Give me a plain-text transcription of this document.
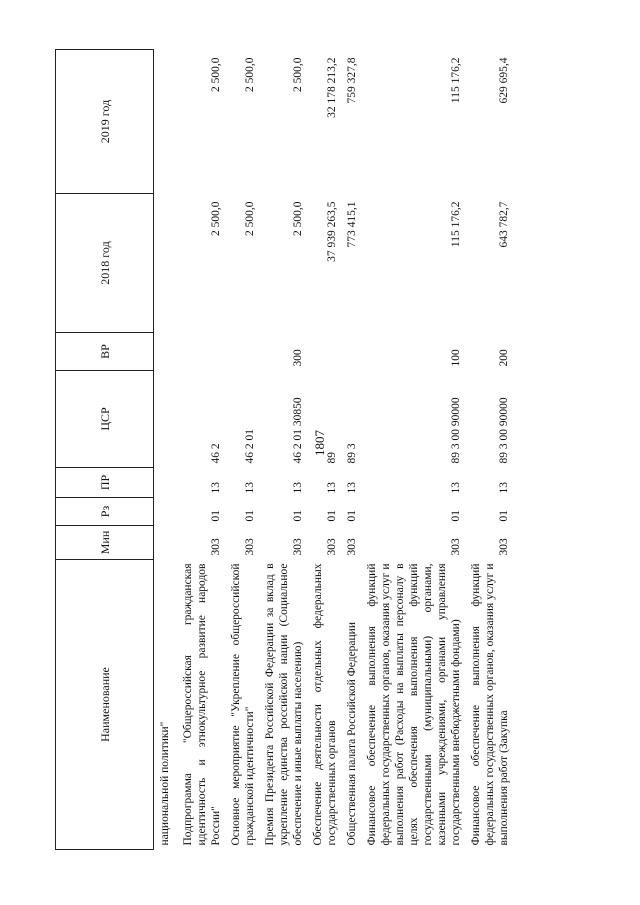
1807
Наименование	Мин	Рз	ПР	ЦСР	ВР	2018 год	2019 год
национальной политики"							
Подпрограмма "Общероссийская гражданская идентичность и этнокультурное развитие народов России"	303	01	13	46 2		2 500,0	2 500,0
Основное мероприятие "Укрепление общероссийской гражданской идентичности"	303	01	13	46 2 01		2 500,0	2 500,0
Премия Президента Российской Федерации за вклад в укрепление единства российской нации (Социальное обеспечение и иные выплаты населению)	303	01	13	46 2 01 30850	300	2 500,0	2 500,0
Обеспечение деятельности отдельных федеральных государственных органов	303	01	13	89		37 939 263,5	32 178 213,2
Общественная палата Российской Федерации	303	01	13	89 3		773 415,1	759 327,8
Финансовое обеспечение выполнения функций федеральных государственных органов, оказания услуг и выполнения работ (Расходы на выплаты персоналу в целях обеспечения выполнения функций государственными (муниципальными) органами, казенными учреждениями, органами управления государственными внебюджетными фондами)	303	01	13	89 3 00 90000	100	115 176,2	115 176,2
Финансовое обеспечение выполнения функций федеральных государственных органов, оказания услуг и выполнения работ (Закупка	303	01	13	89 3 00 90000	200	643 782,7	629 695,4
